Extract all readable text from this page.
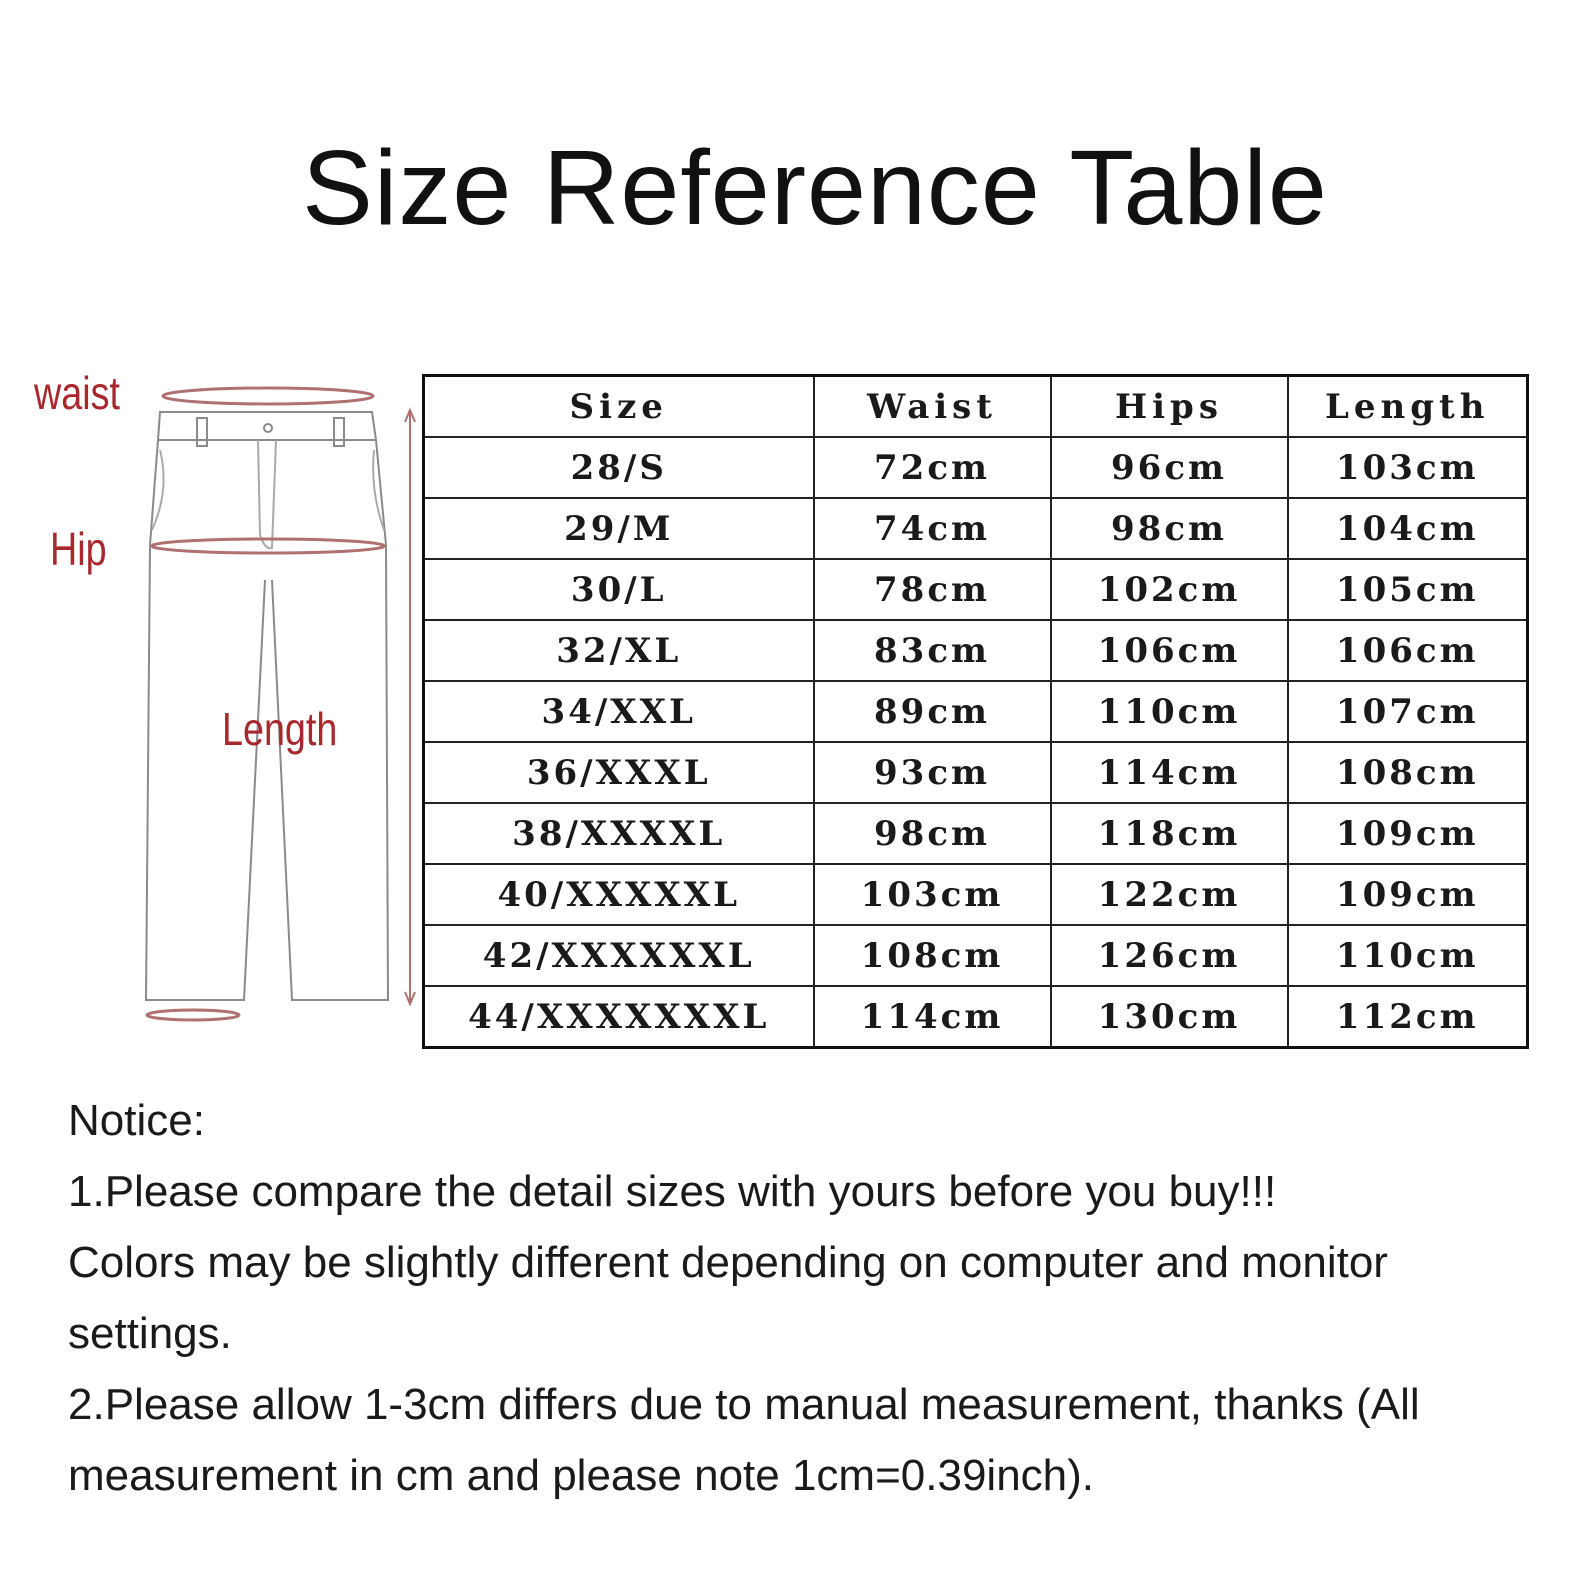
Size Reference Table
waist
Hip
Length
Size	Waist	Hips	Length
28/S	72cm	96cm	103cm
29/M	74cm	98cm	104cm
30/L	78cm	102cm	105cm
32/XL	83cm	106cm	106cm
34/XXL	89cm	110cm	107cm
36/XXXL	93cm	114cm	108cm
38/XXXXL	98cm	118cm	109cm
40/XXXXXL	103cm	122cm	109cm
42/XXXXXXL	108cm	126cm	110cm
44/XXXXXXXL	114cm	130cm	112cm

Notice:

1.Please compare the detail sizes with yours before you buy!!!

Colors may be slightly different depending on computer and monitor settings.

2.Please allow 1-3cm differs due to manual measurement, thanks (All measurement in cm and please note 1cm=0.39inch).
